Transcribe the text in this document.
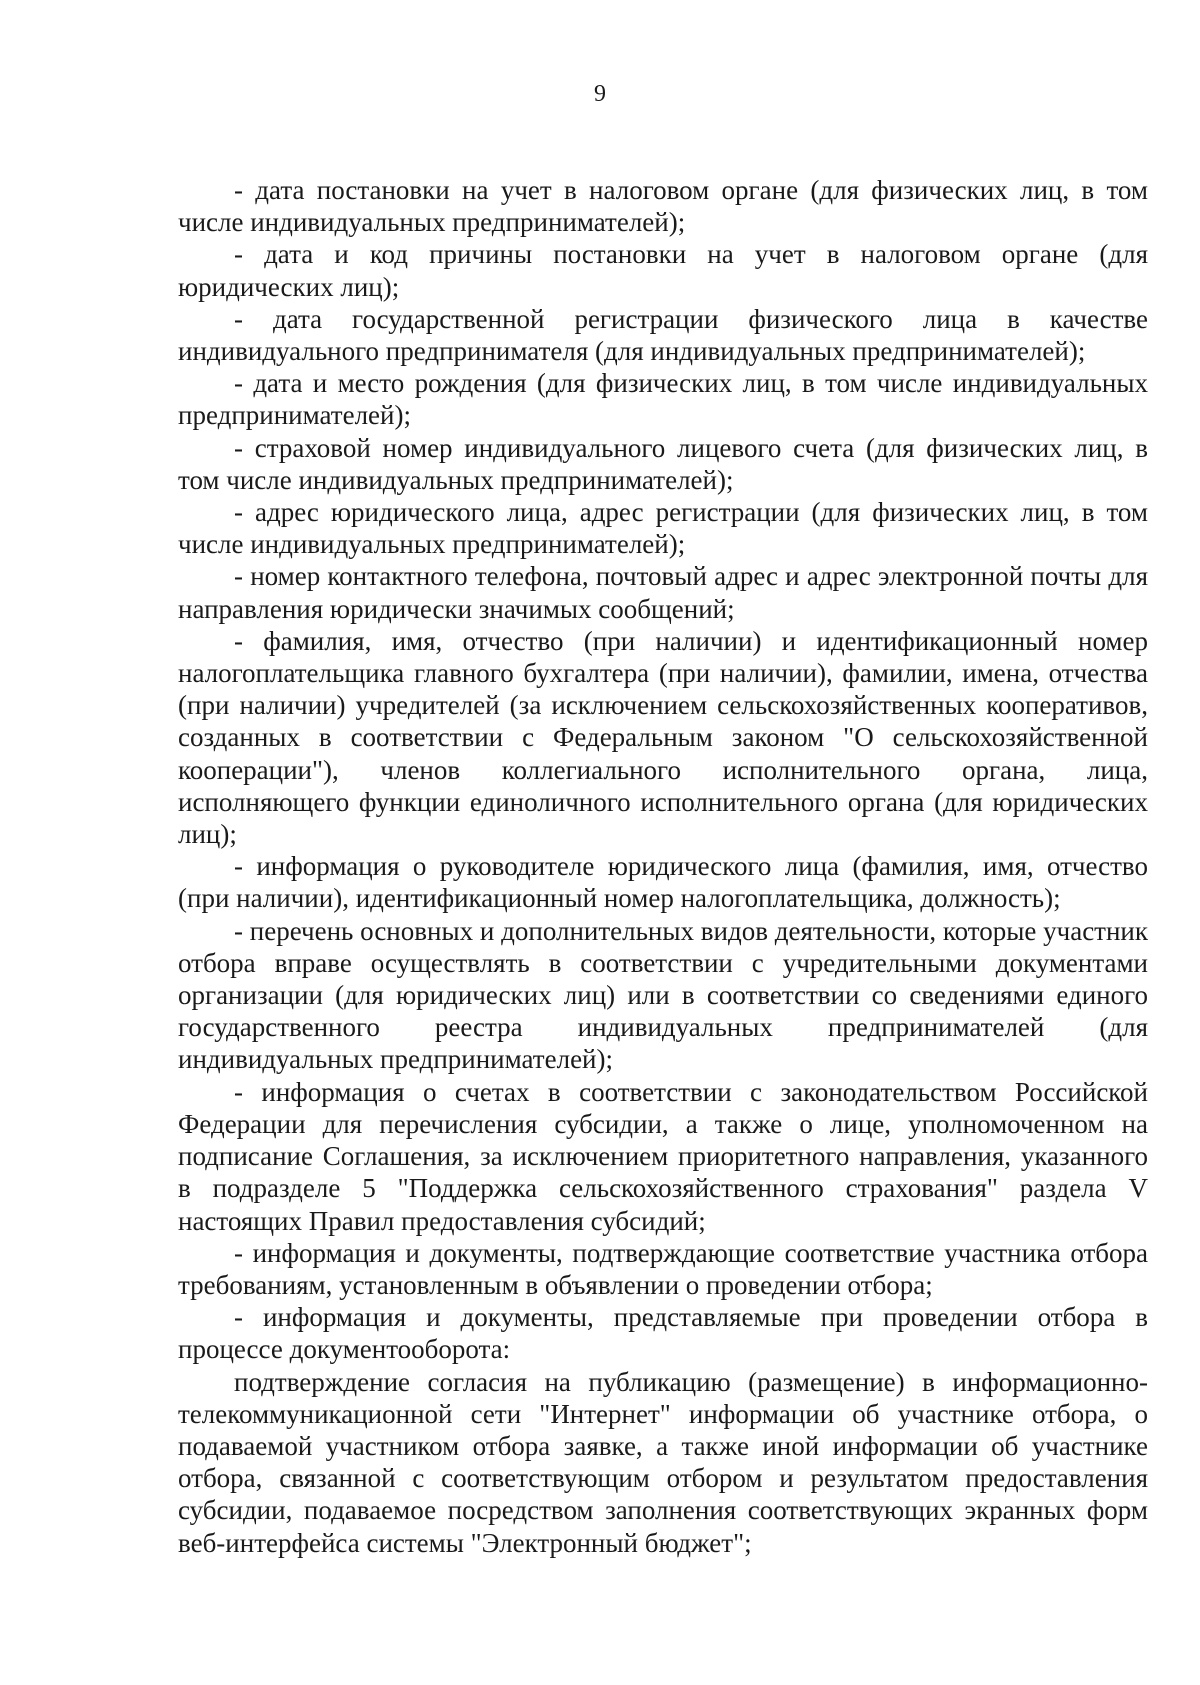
9

- дата постановки на учет в налоговом органе (для физических лиц, в том числе индивидуальных предпринимателей);

- дата и код причины постановки на учет в налоговом органе (для юридических лиц);

- дата государственной регистрации физического лица в качестве индивидуального предпринимателя (для индивидуальных предпринимателей);

- дата и место рождения (для физических лиц, в том числе индивидуальных предпринимателей);

- страховой номер индивидуального лицевого счета (для физических лиц, в том числе индивидуальных предпринимателей);

- адрес юридического лица, адрес регистрации (для физических лиц, в том числе индивидуальных предпринимателей);

- номер контактного телефона, почтовый адрес и адрес электронной почты для направления юридически значимых сообщений;

- фамилия, имя, отчество (при наличии) и идентификационный номер налогоплательщика главного бухгалтера (при наличии), фамилии, имена, отчества (при наличии) учредителей (за исключением сельскохозяйственных кооперативов, созданных в соответствии с Федеральным законом "О сельскохозяйственной кооперации"), членов коллегиального исполнительного органа, лица, исполняющего функции единоличного исполнительного органа (для юридических лиц);

- информация о руководителе юридического лица (фамилия, имя, отчество (при наличии), идентификационный номер налогоплательщика, должность);

- перечень основных и дополнительных видов деятельности, которые участник отбора вправе осуществлять в соответствии с учредительными документами организации (для юридических лиц) или в соответствии со сведениями единого государственного реестра индивидуальных предпринимателей (для индивидуальных предпринимателей);

- информация о счетах в соответствии с законодательством Российской Федерации для перечисления субсидии, а также о лице, уполномоченном на подписание Соглашения, за исключением приоритетного направления, указанного в подразделе 5 "Поддержка сельскохозяйственного страхования" раздела V настоящих Правил предоставления субсидий;

- информация и документы, подтверждающие соответствие участника отбора требованиям, установленным в объявлении о проведении отбора;

- информация и документы, представляемые при проведении отбора в процессе документооборота:

подтверждение согласия на публикацию (размещение) в информационно-телекоммуникационной сети "Интернет" информации об участнике отбора, о подаваемой участником отбора заявке, а также иной информации об участнике отбора, связанной с соответствующим отбором и результатом предоставления субсидии, подаваемое посредством заполнения соответствующих экранных форм веб-интерфейса системы "Электронный бюджет";
